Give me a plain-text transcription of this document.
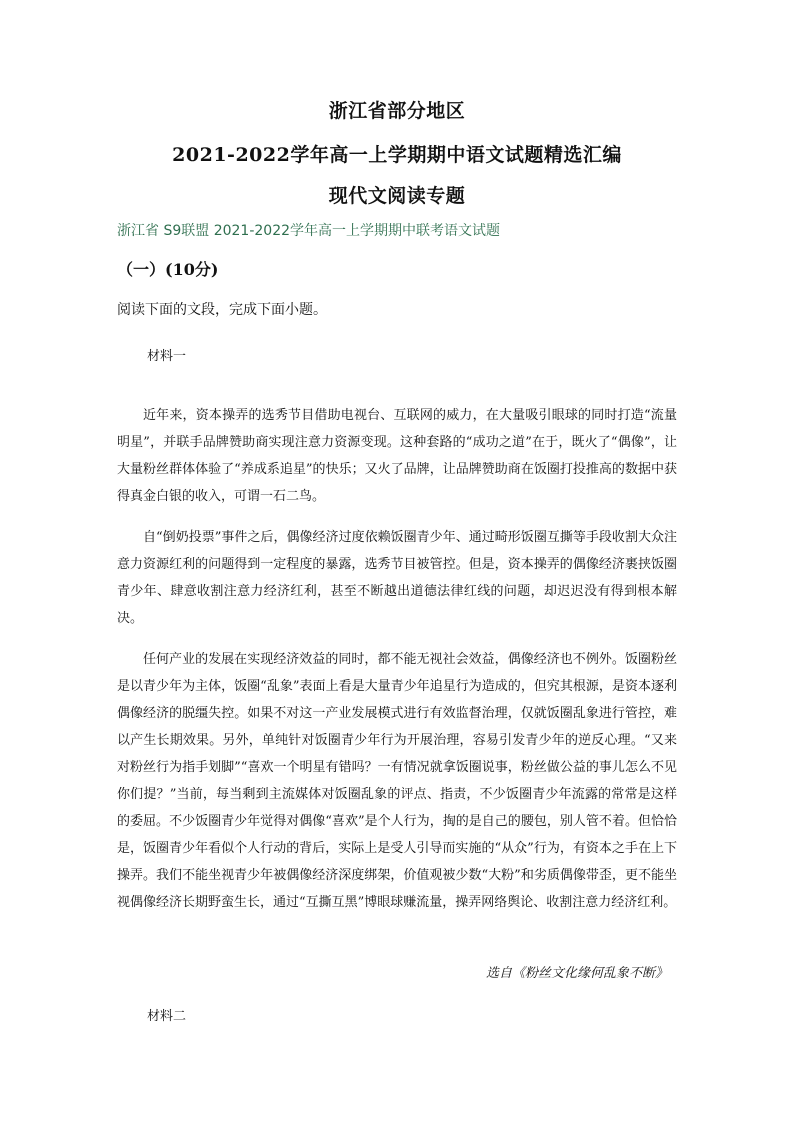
浙江省部分地区
2021-2022学年高一上学期期中语文试题精选汇编
现代文阅读专题
浙江省 S9联盟 2021-2022学年高一上学期期中联考语文试题
（一）(10分)
阅读下面的文段，完成下面小题。
材料一
近年来，资本操弄的选秀节目借助电视台、互联网的威力，在大量吸引眼球的同时打造“流量明星”，并联手品牌赞助商实现注意力资源变现。这种套路的“成功之道”在于，既火了“偶像”，让大量粉丝群体体验了“养成系追星”的快乐；又火了品牌，让品牌赞助商在饭圈打投推高的数据中获得真金白银的收入，可谓一石二鸟。
自“倒奶投票”事件之后，偶像经济过度依赖饭圈青少年、通过畸形饭圈互撕等手段收割大众注意力资源红利的问题得到一定程度的暴露，选秀节目被管控。但是，资本操弄的偶像经济裹挟饭圈青少年、肆意收割注意力经济红利，甚至不断越出道德法律红线的问题，却迟迟没有得到根本解决。
任何产业的发展在实现经济效益的同时，都不能无视社会效益，偶像经济也不例外。饭圈粉丝是以青少年为主体，饭圈“乱象”表面上看是大量青少年追星行为造成的，但究其根源，是资本逐利偶像经济的脱缰失控。如果不对这一产业发展模式进行有效监督治理，仅就饭圈乱象进行管控，难以产生长期效果。另外，单纯针对饭圈青少年行为开展治理，容易引发青少年的逆反心理。“又来对粉丝行为指手划脚”“喜欢一个明星有错吗？一有情况就拿饭圈说事，粉丝做公益的事儿怎么不见你们提？”当前，每当剩到主流媒体对饭圈乱象的评点、指责，不少饭圈青少年流露的常常是这样的委屈。不少饭圈青少年觉得对偶像“喜欢”是个人行为，掏的是自己的腰包，别人管不着。但恰恰是，饭圈青少年看似个人行动的背后，实际上是受人引导而实施的“从众”行为，有资本之手在上下操弄。我们不能坐视青少年被偶像经济深度绑架，价值观被少数“大粉”和劣质偶像带歪，更不能坐视偶像经济长期野蛮生长，通过“互撕互黑”博眼球赚流量，操弄网络舆论、收割注意力经济红利。
选自《粉丝文化缘何乱象不断》
材料二
